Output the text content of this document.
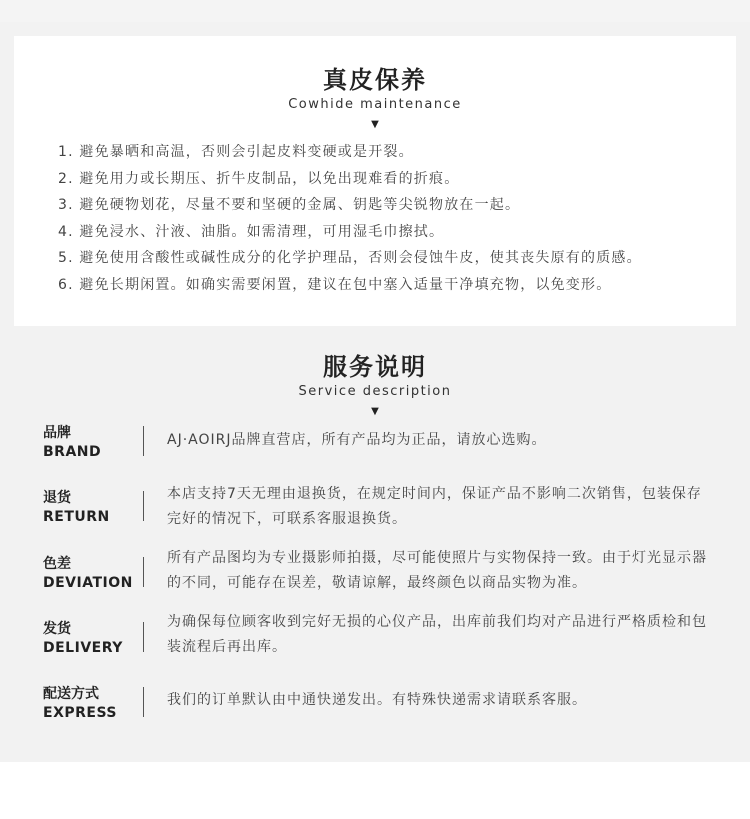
真皮保养
Cowhide maintenance
▼
1. 避免暴晒和高温，否则会引起皮料变硬或是开裂。
2. 避免用力或长期压、折牛皮制品，以免出现难看的折痕。
3. 避免硬物划花，尽量不要和坚硬的金属、钥匙等尖锐物放在一起。
4. 避免浸水、汁液、油脂。如需清理，可用湿毛巾擦拭。
5. 避免使用含酸性或碱性成分的化学护理品，否则会侵蚀牛皮，使其丧失原有的质感。
6. 避免长期闲置。如确实需要闲置，建议在包中塞入适量干净填充物，以免变形。
服务说明
Service description
▼
品牌
BRAND
AJ·AOIRJ品牌直营店，所有产品均为正品，请放心选购。
退货
RETURN
本店支持7天无理由退换货，在规定时间内，保证产品不影响二次销售，包装保存完好的情况下，可联系客服退换货。
色差
DEVIATION
所有产品图均为专业摄影师拍摄，尽可能使照片与实物保持一致。由于灯光显示器的不同，可能存在误差，敬请谅解，最终颜色以商品实物为准。
发货
DELIVERY
为确保每位顾客收到完好无损的心仪产品，出库前我们均对产品进行严格质检和包装流程后再出库。
配送方式
EXPRESS
我们的订单默认由中通快递发出。有特殊快递需求请联系客服。
